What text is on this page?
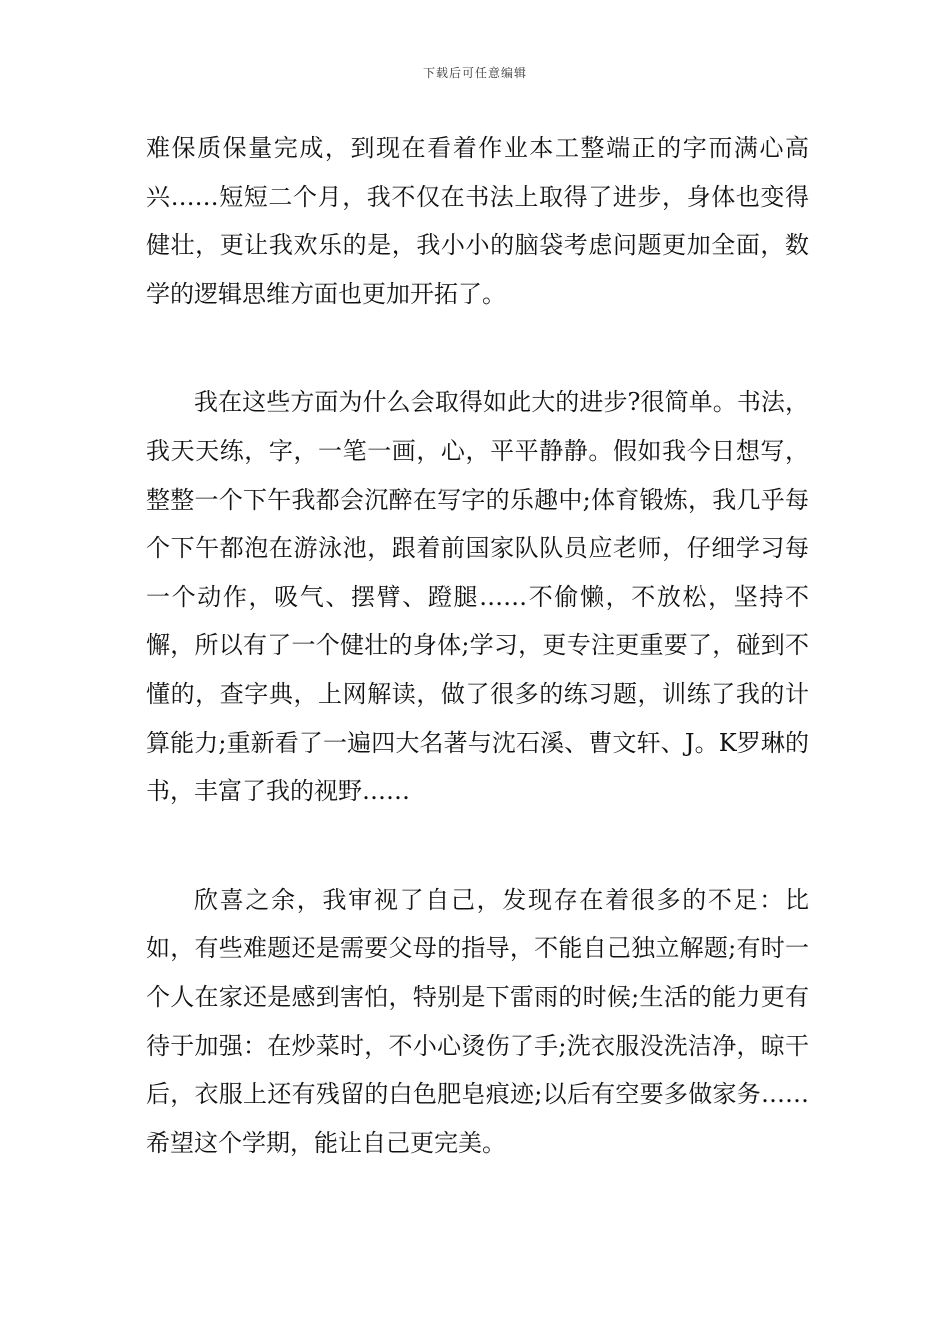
下载后可任意编辑

难保质保量完成，到现在看着作业本工整端正的字而满心高兴……短短二个月，我不仅在书法上取得了进步，身体也变得健壮，更让我欢乐的是，我小小的脑袋考虑问题更加全面，数学的逻辑思维方面也更加开拓了。

我在这些方面为什么会取得如此大的进步?很简单。书法，我天天练，字，一笔一画，心，平平静静。假如我今日想写，整整一个下午我都会沉醉在写字的乐趣中;体育锻炼，我几乎每个下午都泡在游泳池，跟着前国家队队员应老师，仔细学习每一个动作，吸气、摆臂、蹬腿……不偷懒，不放松，坚持不懈，所以有了一个健壮的身体;学习，更专注更重要了，碰到不懂的，查字典，上网解读，做了很多的练习题，训练了我的计算能力;重新看了一遍四大名著与沈石溪、曹文轩、J。K罗琳的书，丰富了我的视野……

欣喜之余，我审视了自己，发现存在着很多的不足：比如，有些难题还是需要父母的指导，不能自己独立解题;有时一个人在家还是感到害怕，特别是下雷雨的时候;生活的能力更有待于加强：在炒菜时，不小心烫伤了手;洗衣服没洗洁净，晾干后，衣服上还有残留的白色肥皂痕迹;以后有空要多做家务……希望这个学期，能让自己更完美。
